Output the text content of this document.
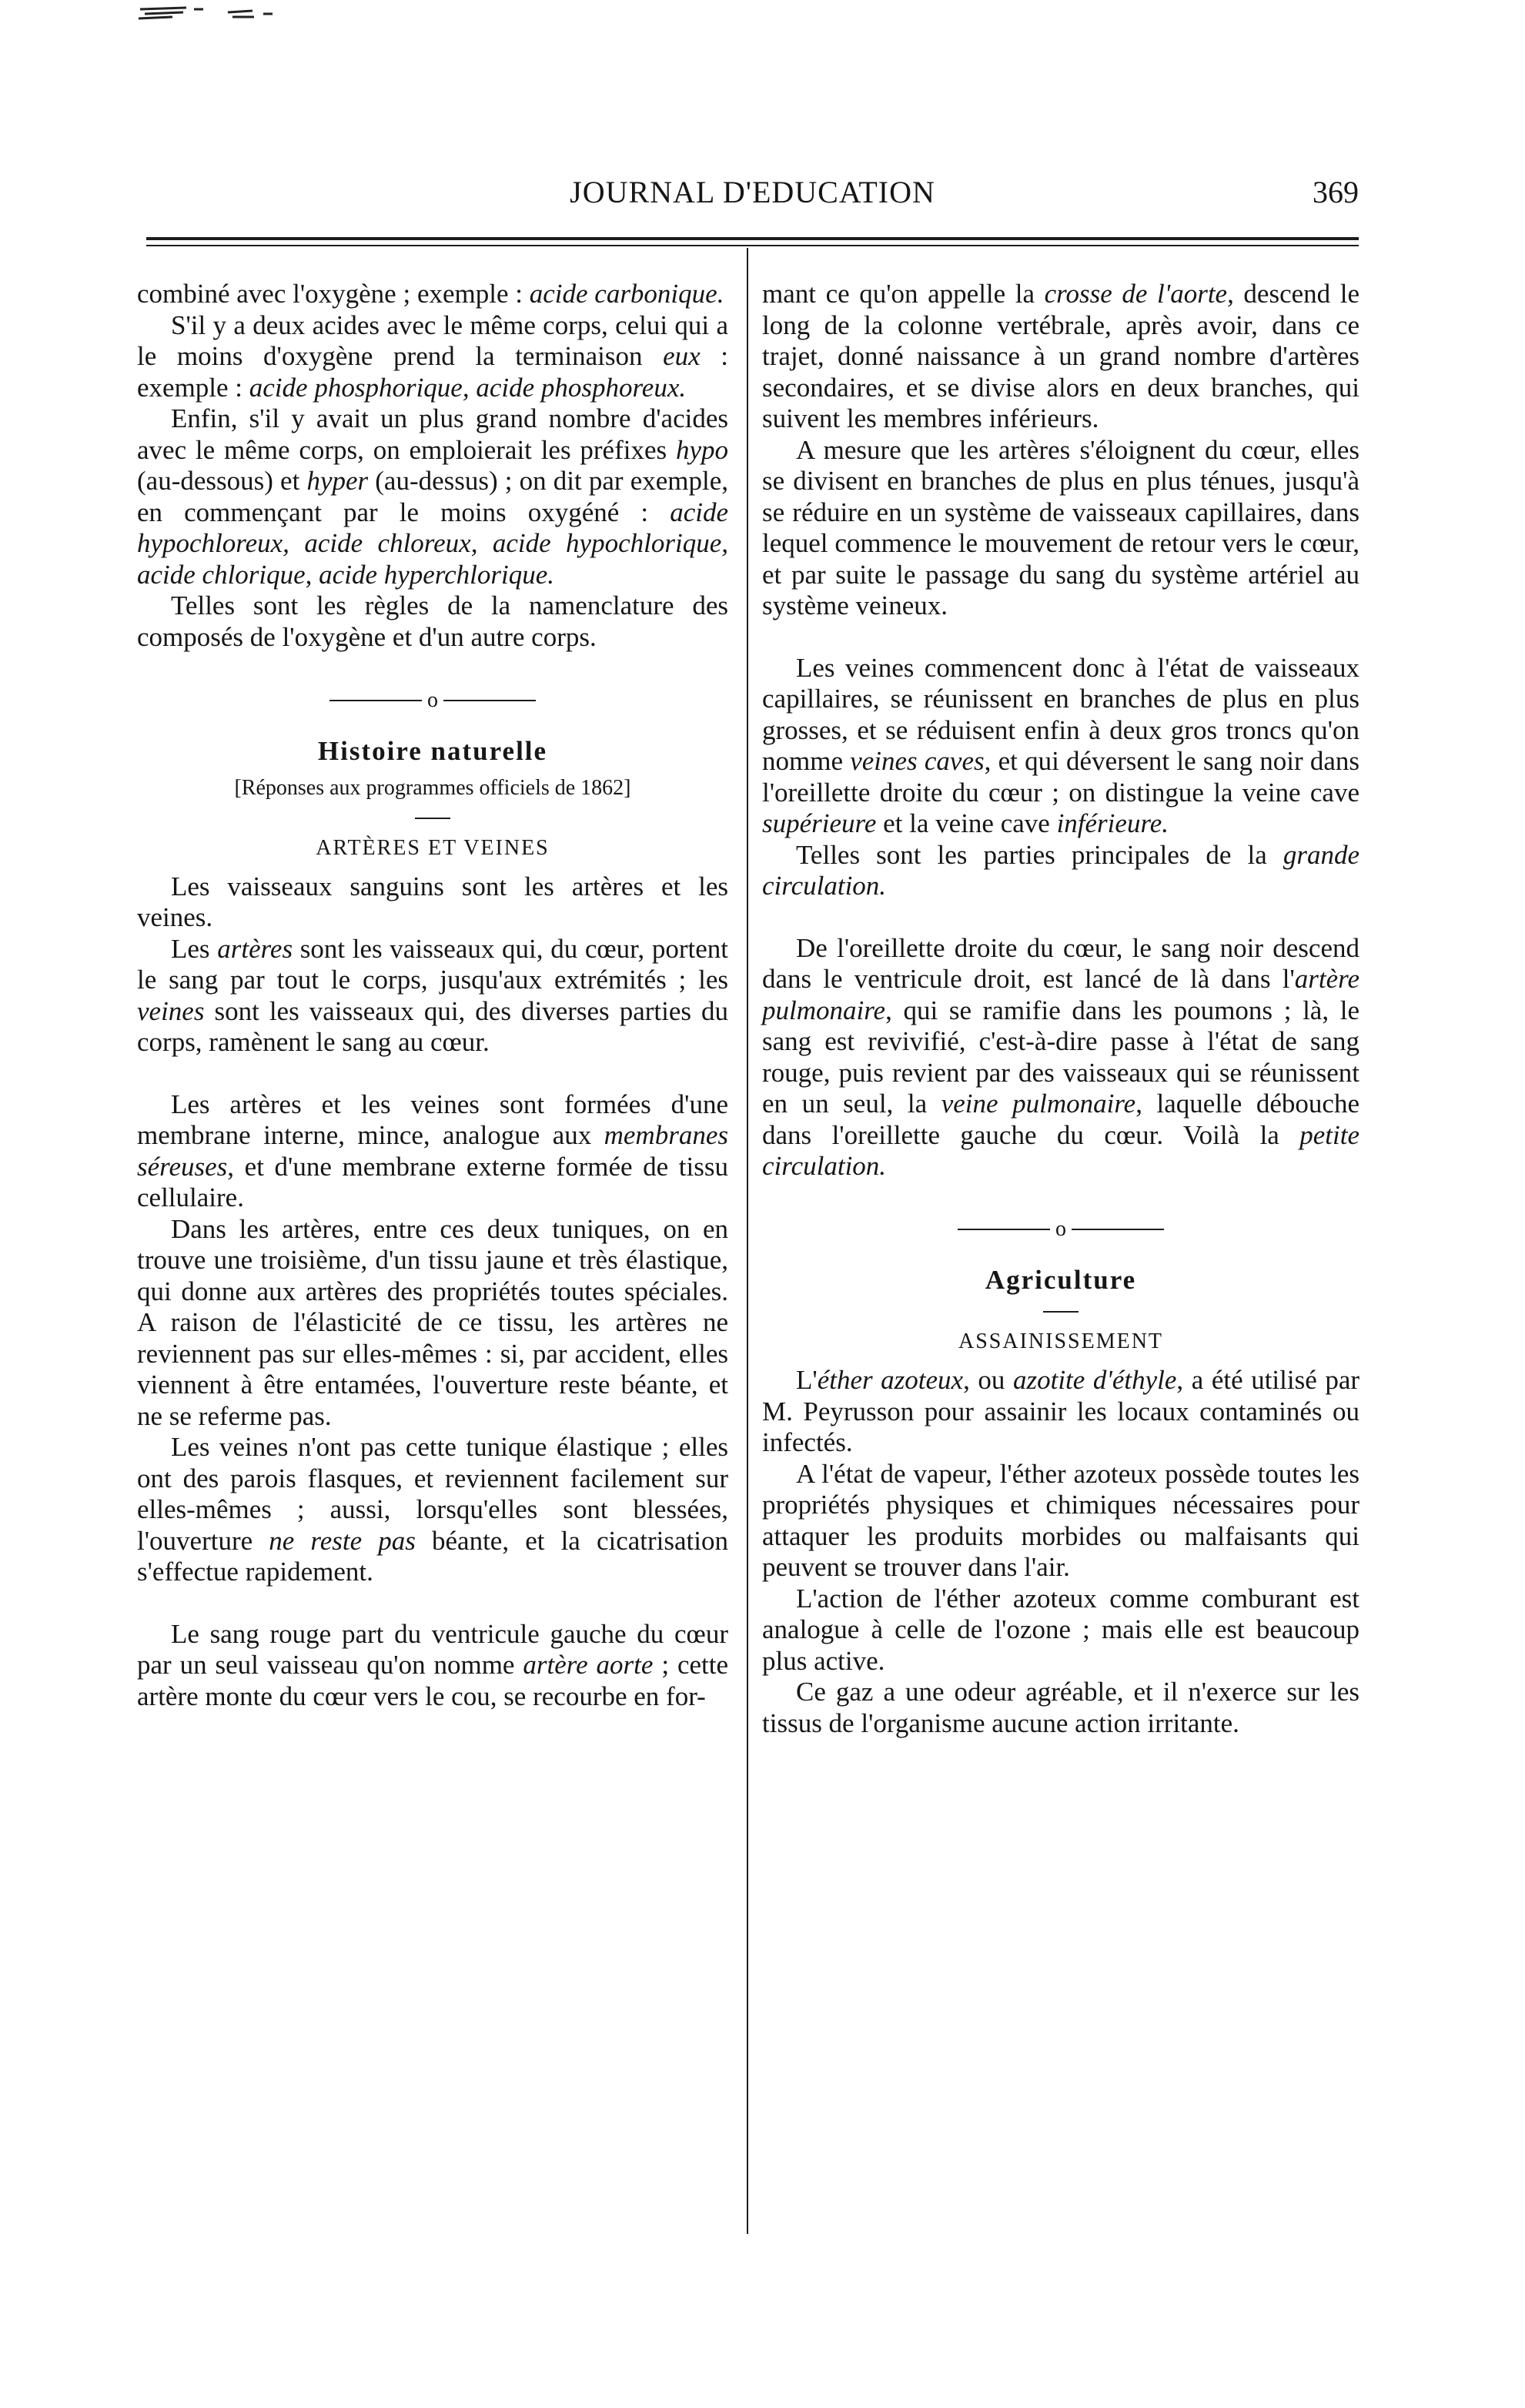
JOURNAL D'EDUCATION	369

combiné avec l'oxygène ; exemple : acide carbonique.

S'il y a deux acides avec le même corps, celui qui a le moins d'oxygène prend la terminaison eux : exemple : acide phosphorique, acide phosphoreux.

Enfin, s'il y avait un plus grand nombre d'acides avec le même corps, on emploierait les préfixes hypo (au-dessous) et hyper (au-dessus) ; on dit par exemple, en commençant par le moins oxygéné : acide hypochloreux, acide chloreux, acide hypochlorique, acide chlorique, acide hyperchlorique.

Telles sont les règles de la namenclature des composés de l'oxygène et d'un autre corps.

o
Histoire naturelle
[Réponses aux programmes officiels de 1862]
ARTÈRES ET VEINES

Les vaisseaux sanguins sont les artères et les veines.

Les artères sont les vaisseaux qui, du cœur, portent le sang par tout le corps, jusqu'aux extrémités ; les veines sont les vaisseaux qui, des diverses parties du corps, ramènent le sang au cœur.

Les artères et les veines sont formées d'une membrane interne, mince, analogue aux membranes séreuses, et d'une membrane externe formée de tissu cellulaire.

Dans les artères, entre ces deux tuniques, on en trouve une troisième, d'un tissu jaune et très élastique, qui donne aux artères des propriétés toutes spéciales. A raison de l'élasticité de ce tissu, les artères ne reviennent pas sur elles-mêmes : si, par accident, elles viennent à être entamées, l'ouverture reste béante, et ne se referme pas.

Les veines n'ont pas cette tunique élastique ; elles ont des parois flasques, et reviennent facilement sur elles-mêmes ; aussi, lorsqu'elles sont blessées, l'ouverture ne reste pas béante, et la cicatrisation s'effectue rapidement.

Le sang rouge part du ventricule gauche du cœur par un seul vaisseau qu'on nomme artère aorte ; cette artère monte du cœur vers le cou, se recourbe en for-

mant ce qu'on appelle la crosse de l'aorte, descend le long de la colonne vertébrale, après avoir, dans ce trajet, donné naissance à un grand nombre d'artères secondaires, et se divise alors en deux branches, qui suivent les membres inférieurs.

A mesure que les artères s'éloignent du cœur, elles se divisent en branches de plus en plus ténues, jusqu'à se réduire en un système de vaisseaux capillaires, dans lequel commence le mouvement de retour vers le cœur, et par suite le passage du sang du système artériel au système veineux.

Les veines commencent donc à l'état de vaisseaux capillaires, se réunissent en branches de plus en plus grosses, et se réduisent enfin à deux gros troncs qu'on nomme veines caves, et qui déversent le sang noir dans l'oreillette droite du cœur ; on distingue la veine cave supérieure et la veine cave inférieure.

Telles sont les parties principales de la grande circulation.

De l'oreillette droite du cœur, le sang noir descend dans le ventricule droit, est lancé de là dans l'artère pulmonaire, qui se ramifie dans les poumons ; là, le sang est revivifié, c'est-à-dire passe à l'état de sang rouge, puis revient par des vaisseaux qui se réunissent en un seul, la veine pulmonaire, laquelle débouche dans l'oreillette gauche du cœur. Voilà la petite circulation.

o
Agriculture
ASSAINISSEMENT

L'éther azoteux, ou azotite d'éthyle, a été utilisé par M. Peyrusson pour assainir les locaux contaminés ou infectés.

A l'état de vapeur, l'éther azoteux possède toutes les propriétés physiques et chimiques nécessaires pour attaquer les produits morbides ou malfaisants qui peuvent se trouver dans l'air.

L'action de l'éther azoteux comme comburant est analogue à celle de l'ozone ; mais elle est beaucoup plus active.

Ce gaz a une odeur agréable, et il n'exerce sur les tissus de l'organisme aucune action irritante.
